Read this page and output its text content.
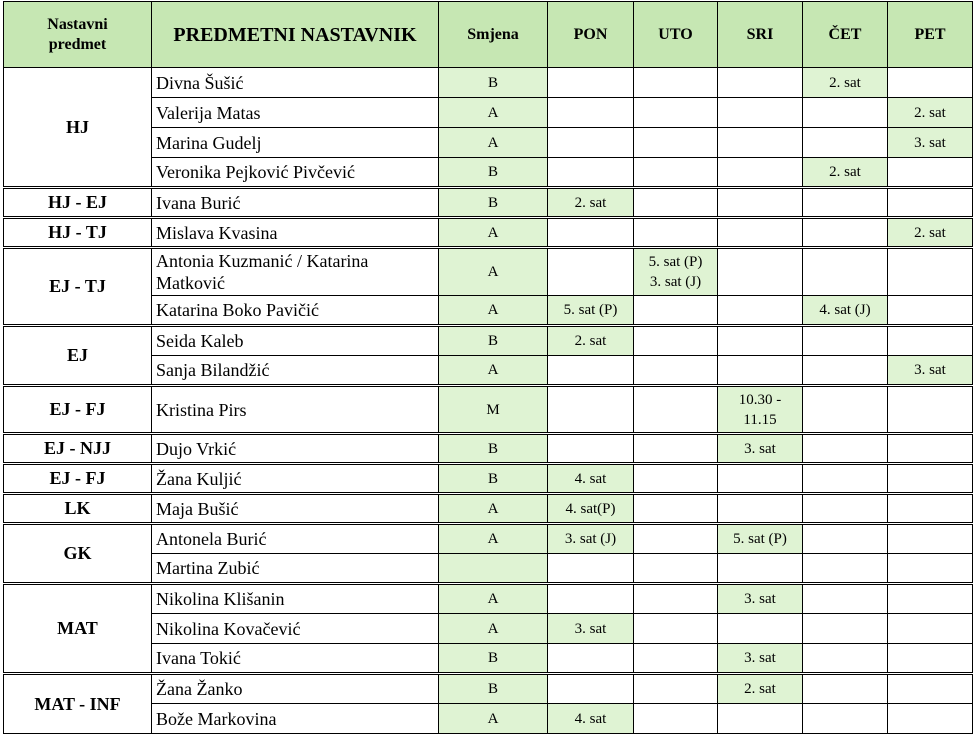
Nastavni
predmet	PREDMETNI NASTAVNIK	Smjena	PON	UTO	SRI	ČET	PET
HJ	Divna Šušić	B				2. sat	

	Valerija Matas	A					2. sat

	Marina Gudelj	A					3. sat

	Veronika Pejković Pivčević	B				2. sat	

HJ - EJ	Ivana Burić	B	2. sat				

HJ - TJ	Mislava Kvasina	A					2. sat

EJ - TJ	Antonia Kuzmanić / Katarina Matković	A		5. sat (P)
3. sat (J)			

	Katarina Boko Pavičić	A	5. sat (P)			4. sat (J)	

EJ	Seida Kaleb	B	2. sat				

	Sanja Bilandžić	A					3. sat

EJ - FJ	Kristina Pirs	M			10.30 -
11.15		

EJ - NJJ	Dujo Vrkić	B			3. sat		

EJ - FJ	Žana Kuljić	B	4. sat				

LK	Maja Bušić	A	4. sat(P)				

GK	Antonela Burić	A	3. sat (J)		5. sat (P)		

	Martina Zubić		

MAT	Nikolina Klišanin	A			3. sat		

	Nikolina Kovačević	A	3. sat				

	Ivana Tokić	B			3. sat		

MAT - INF	Žana Žanko	B			2. sat		

	Bože Markovina	A	4. sat				
